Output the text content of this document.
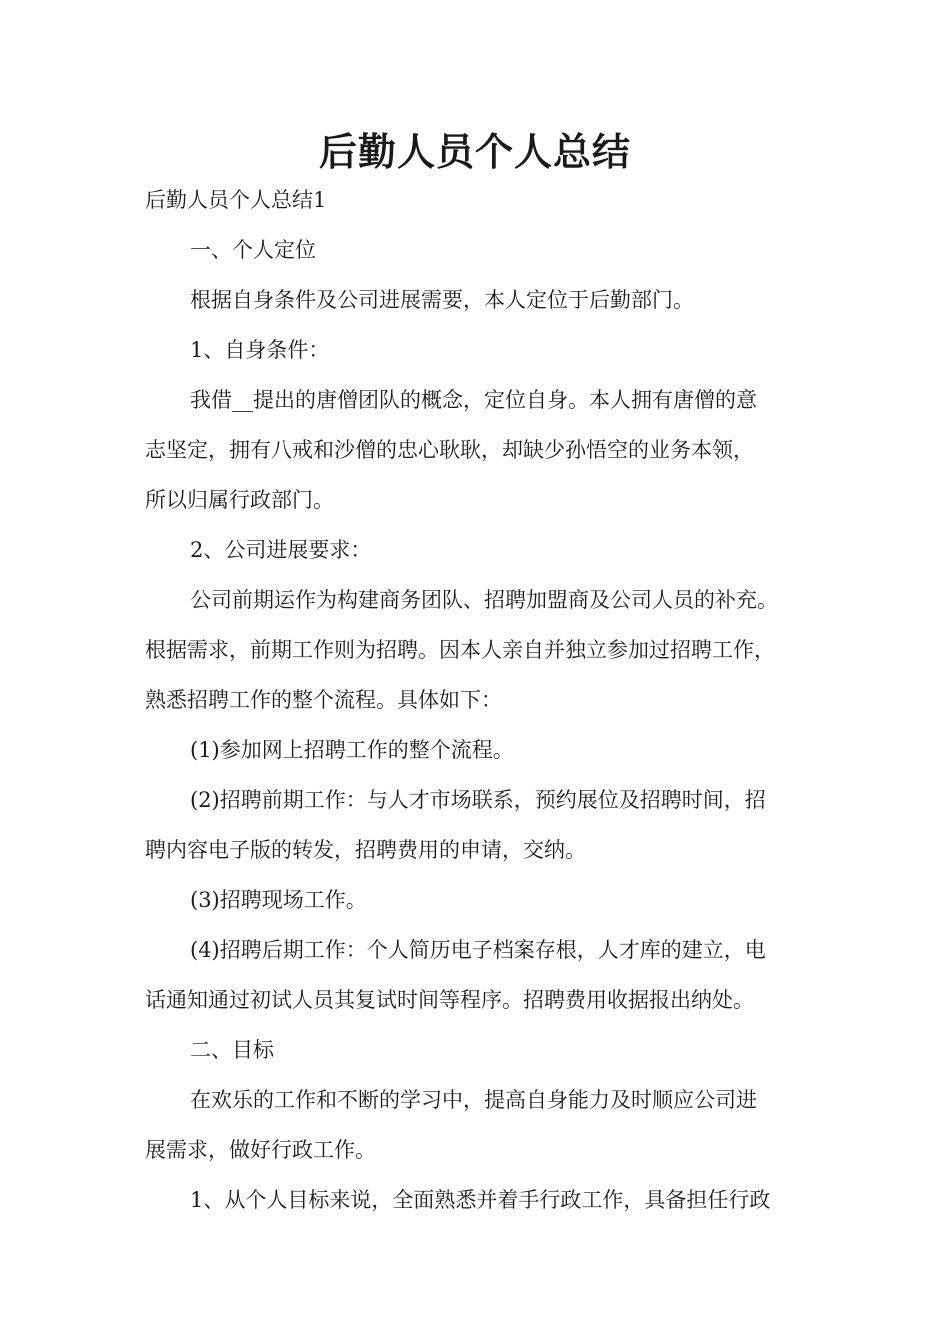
后勤人员个人总结
后勤人员个人总结1
一、个人定位
根据自身条件及公司进展需要，本人定位于后勤部门。
1、自身条件：
我借__提出的唐僧团队的概念，定位自身。本人拥有唐僧的意
志坚定，拥有八戒和沙僧的忠心耿耿，却缺少孙悟空的业务本领，
所以归属行政部门。
2、公司进展要求：
公司前期运作为构建商务团队、招聘加盟商及公司人员的补充。
根据需求，前期工作则为招聘。因本人亲自并独立参加过招聘工作，
熟悉招聘工作的整个流程。具体如下：
(1)参加网上招聘工作的整个流程。
(2)招聘前期工作：与人才市场联系，预约展位及招聘时间，招
聘内容电子版的转发，招聘费用的申请，交纳。
(3)招聘现场工作。
(4)招聘后期工作：个人简历电子档案存根，人才库的建立，电
话通知通过初试人员其复试时间等程序。招聘费用收据报出纳处。
二、目标
在欢乐的工作和不断的学习中，提高自身能力及时顺应公司进
展需求，做好行政工作。
1、从个人目标来说，全面熟悉并着手行政工作，具备担任行政
